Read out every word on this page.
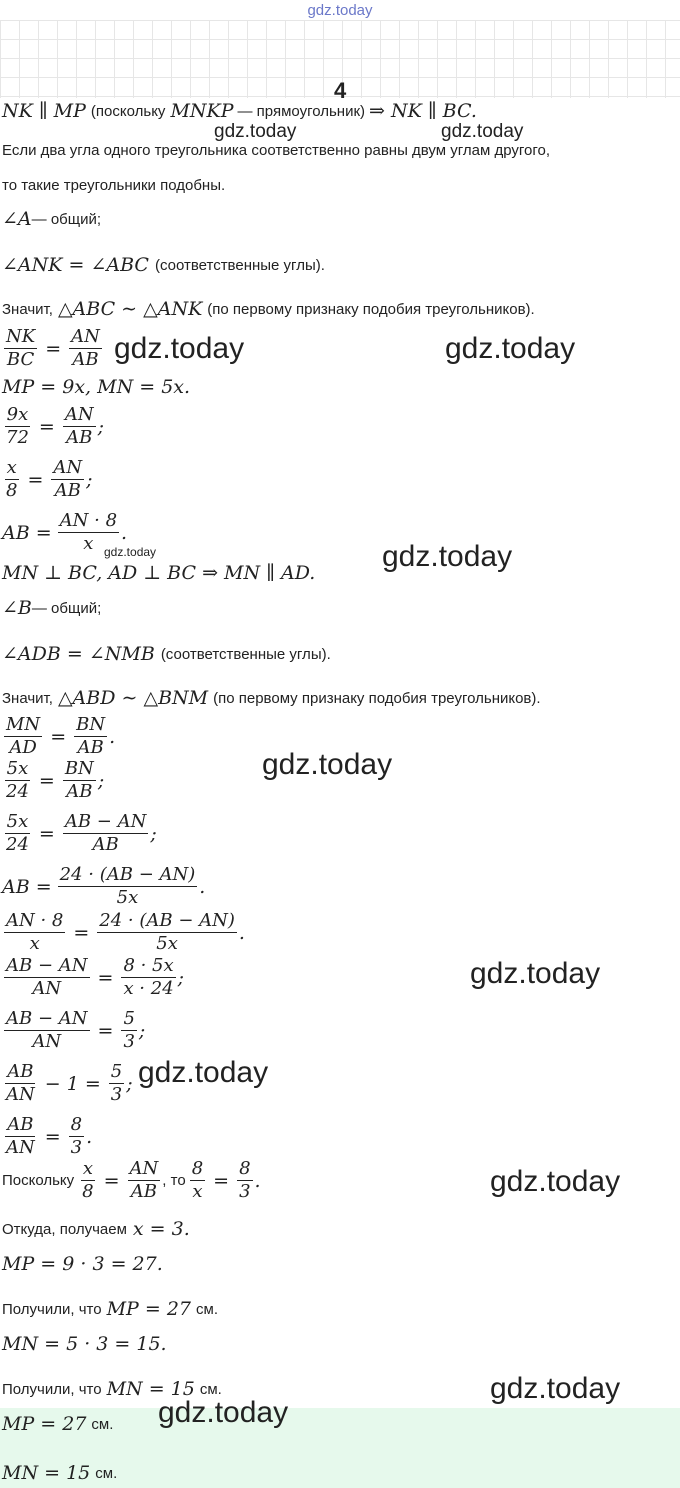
gdz.today
4
NK ∥ MP (поскольку MNKP — прямоугольник) ⇒ NK ∥ BC.
Если два угла одного треугольника соответственно равны двум углам другого,
то такие треугольники подобны.
∠A — общий;
∠ANK = ∠ABC (соответственные углы).
Значит, △ABC ∼ △ANK (по первому признаку подобия треугольников).
$\frac{NK}{BC} = \frac{AN}{AB}$
MP = 9x, MN = 5x.
$\frac{9x}{72} = \frac{AN}{AB}$ ;
$\frac{x}{8} = \frac{AN}{AB}$ ;
AB = $\frac{AN \cdot 8}{x}$ .
MN ⊥ BC, AD ⊥ BC ⇒ MN ∥ AD.
∠B — общий;
∠ADB = ∠NMB (соответственные углы).
Значит, △ABD ∼ △BNM (по первому признаку подобия треугольников).
$\frac{MN}{AD} = \frac{BN}{AB}$ .
$\frac{5x}{24} = \frac{BN}{AB}$ ;
$\frac{5x}{24} = \frac{AB - AN}{AB}$ ;
AB = $\frac{24 \cdot (AB - AN)}{5x}$ .
$\frac{AN \cdot 8}{x} = \frac{24 \cdot (AB - AN)}{5x}$ .
$\frac{AB - AN}{AN} = \frac{8 \cdot 5x}{x \cdot 24}$ ;
$\frac{AB - AN}{AN} = \frac{5}{3}$ ;
$\frac{AB}{AN} - 1 = \frac{5}{3}$ ;
$\frac{AB}{AN} = \frac{8}{3}$ .
Поскольку $\frac{x}{8} = \frac{AN}{AB}$ , то $\frac{8}{x} = \frac{8}{3}$ .
Откуда, получаем x = 3.
MP = 9 · 3 = 27.
Получили, что MP = 27 см.
MN = 5 · 3 = 15.
Получили, что MN = 15 см.
MP = 27 см.
MN = 15 см.
gdz.today	gdz.today
gdz.today	gdz.today
gdz.today	gdz.today
gdz.today
gdz.today
gdz.today
gdz.today
gdz.today
gdz.today
